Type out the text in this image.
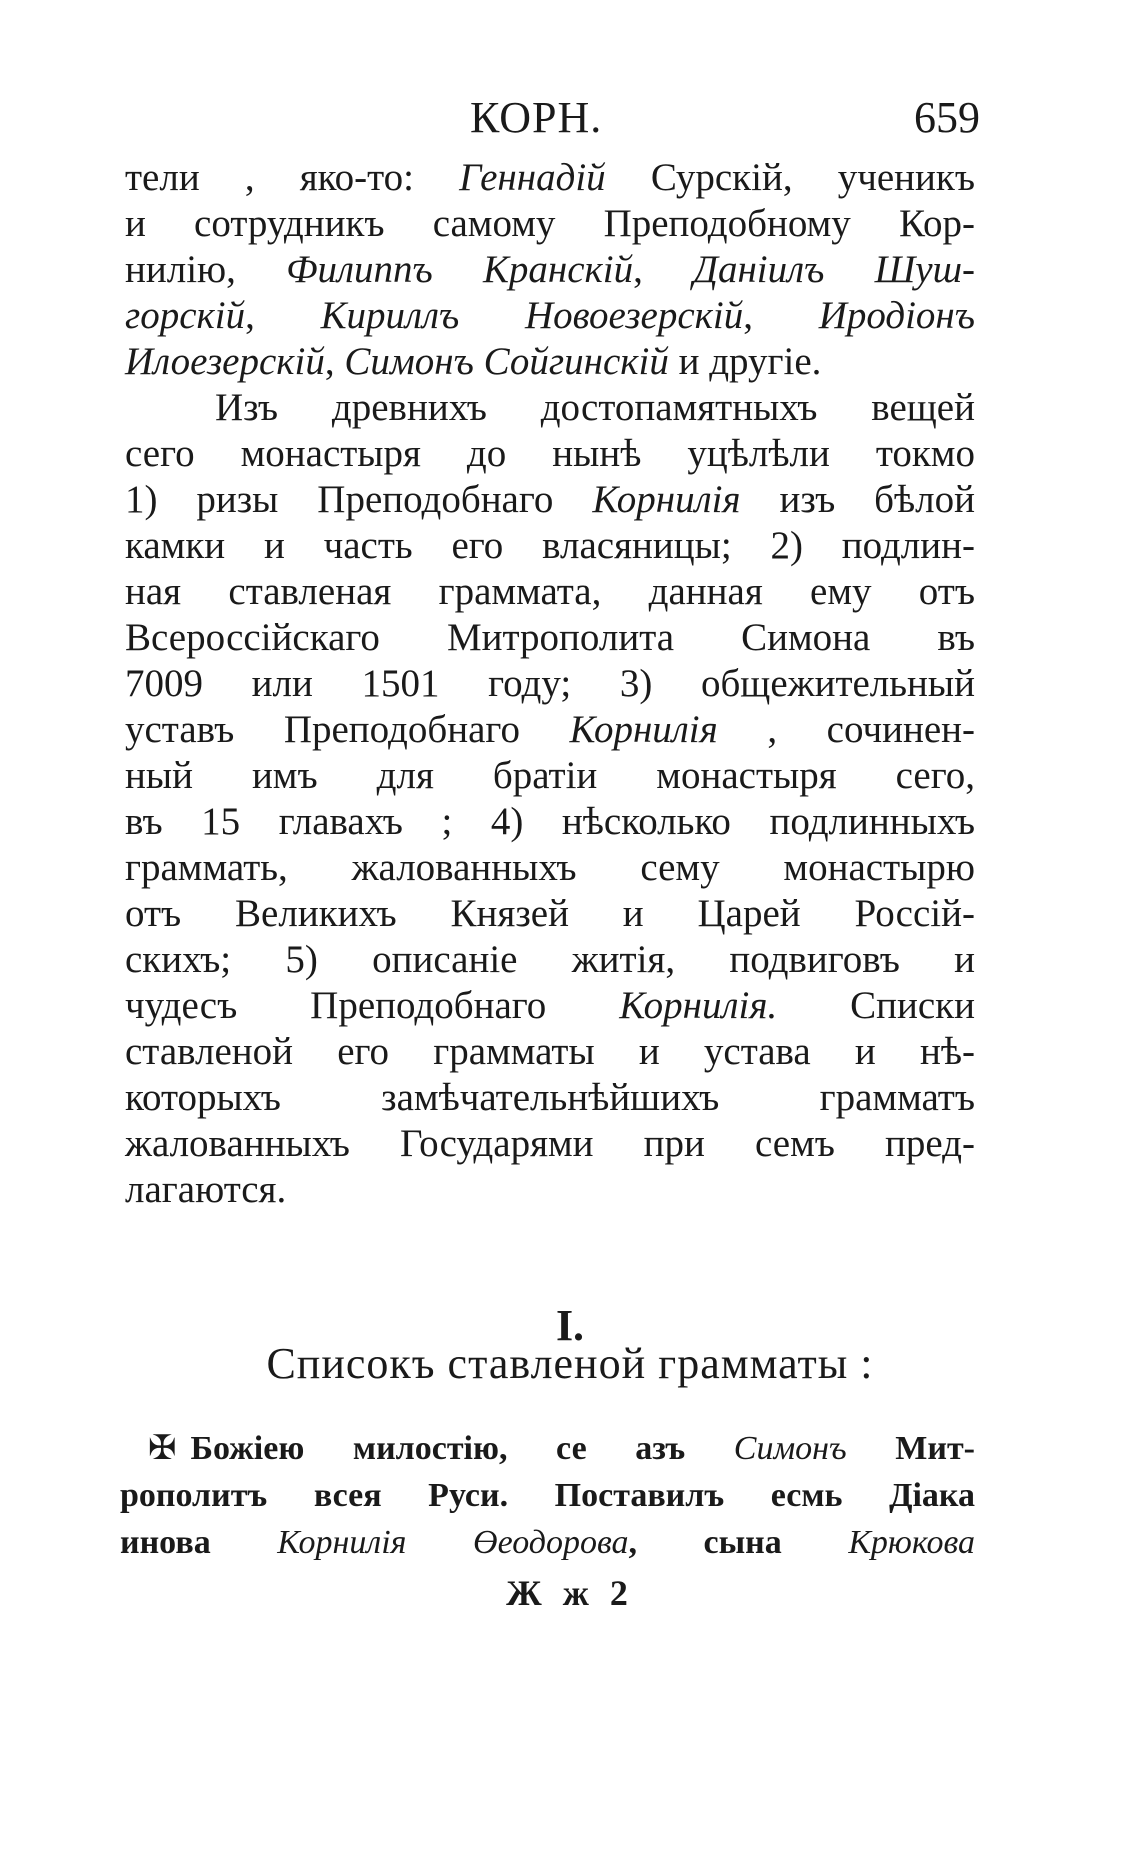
КОРН.	659
I.
Списокъ ставленой грамматы :
Ж ж 2
тели , яко-то: Геннадій Сурскій, ученикъ
и сотрудникъ самому Преподобному Кор-
нилію, Филиппъ Кранскій, Даніилъ Шуш-
горскій, Кириллъ Новоезерскій, Иродіонъ
Илоезерскій, Симонъ Сойгинскій и другіе.
Изъ древнихъ достопамятныхъ вещей
сего монастыря до нынѣ уцѣлѣли токмо
1) ризы Преподобнаго Корнилія изъ бѣлой
камки и часть его власяницы; 2) подлин-
ная ставленая граммата, данная ему отъ
Всероссійскаго Митрополита Симона въ
7009 или 1501 году; 3) общежительный
уставъ Преподобнаго Корнилія , сочинен-
ный имъ для братіи монастыря сего,
въ 15 главахъ ; 4) нѣсколько подлинныхъ
граммать, жалованныхъ сему монастырю
отъ Великихъ Князей и Царей Россій-
скихъ; 5) описаніе житія, подвиговъ и
чудесъ Преподобнаго Корнилія. Списки
ставленой его грамматы и устава и нѣ-
которыхъ замѣчательнѣйшихъ грамматъ
жалованныхъ Государями при семъ пред-
лагаются.
✠ Божіею милостію, се азъ Симонъ Мит-
рополитъ всея Руси. Поставилъ есмь Діака
инова Корнилія Өеодорова, сына Крюкова
